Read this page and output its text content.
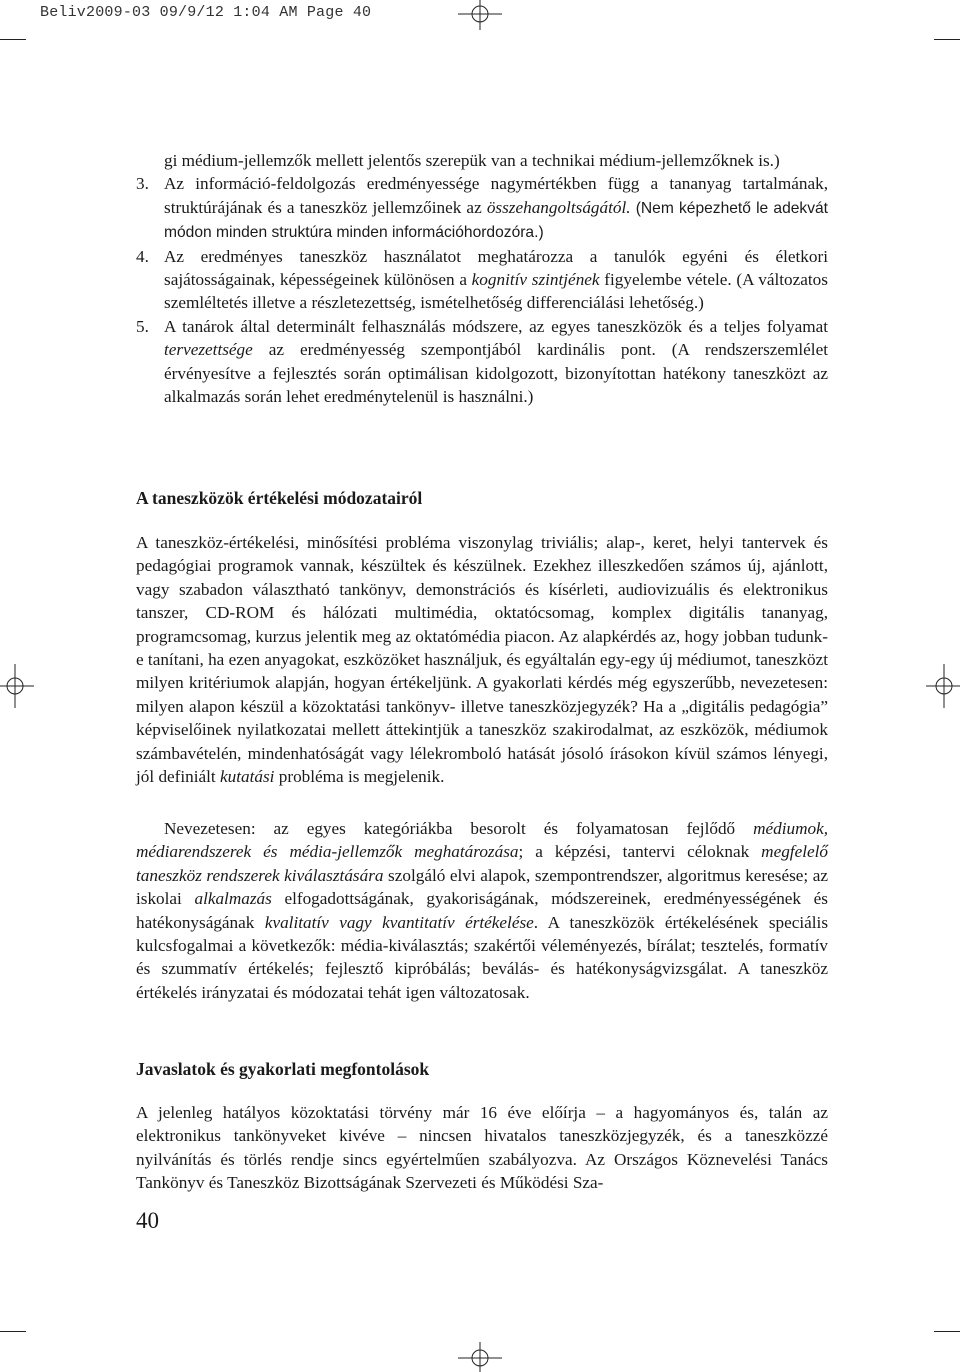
Beliv2009-03 09/9/12 1:04 AM Page 40
gi médium-jellemzők mellett jelentős szerepük van a technikai médium-jellemzőknek is.)
3. Az információ-feldolgozás eredményessége nagymértékben függ a tananyag tartalmának, struktúrájának és a taneszköz jellemzőinek az összehangoltságától. (Nem képezhető le adekvát módon minden struktúra minden információhordozóra.)
4. Az eredményes taneszköz használatot meghatározza a tanulók egyéni és életkori sajátosságainak, képességeinek különösen a kognitív szintjének figyelembe vétele. (A változatos szemléltetés illetve a részletezettség, ismételhetőség differenciálási lehetőség.)
5. A tanárok által determinált felhasználás módszere, az egyes taneszközök és a teljes folyamat tervezettsége az eredményesség szempontjából kardinális pont. (A rendszerszemlélet érvényesítve a fejlesztés során optimálisan kidolgozott, bizonyítottan hatékony taneszközt az alkalmazás során lehet eredménytelenül is használni.)
A taneszközök értékelési módozatairól

A taneszköz-értékelési, minősítési probléma viszonylag triviális; alap-, keret, helyi tantervek és pedagógiai programok vannak, készültek és készülnek. Ezekhez illeszkedően számos új, ajánlott, vagy szabadon választható tankönyv, demonstrációs és kísérleti, audiovizuális és elektronikus tanszer, CD-ROM és hálózati multimédia, oktatócsomag, komplex digitális tananyag, programcsomag, kurzus jelentik meg az oktatómédia piacon. Az alapkérdés az, hogy jobban tudunk-e tanítani, ha ezen anyagokat, eszközöket használjuk, és egyáltalán egy-egy új médiumot, taneszközt milyen kritériumok alapján, hogyan értékeljünk. A gyakorlati kérdés még egyszerűbb, nevezetesen: milyen alapon készül a közoktatási tankönyv- illetve taneszközjegyzék? Ha a „digitális pedagógia” képviselőinek nyilatkozatai mellett áttekintjük a taneszköz szakirodalmat, az eszközök, médiumok számbavételén, mindenhatóságát vagy lélekromboló hatását jósoló írásokon kívül számos lényegi, jól definiált kutatási probléma is megjelenik.

Nevezetesen: az egyes kategóriákba besorolt és folyamatosan fejlődő médiumok, médiarendszerek és média-jellemzők meghatározása; a képzési, tantervi céloknak megfelelő taneszköz rendszerek kiválasztására szolgáló elvi alapok, szempontrendszer, algoritmus keresése; az iskolai alkalmazás elfogadottságának, gyakoriságának, módszereinek, eredményességének és hatékonyságának kvalitatív vagy kvantitatív értékelése. A taneszközök értékelésének speciális kulcsfogalmai a következők: média-kiválasztás; szakértői véleményezés, bírálat; tesztelés, formatív és szummatív értékelés; fejlesztő kipróbálás; beválás- és hatékonyságvizsgálat. A taneszköz értékelés irányzatai és módozatai tehát igen változatosak.

Javaslatok és gyakorlati megfontolások

A jelenleg hatályos közoktatási törvény már 16 éve előírja – a hagyományos és, talán az elektronikus tankönyveket kivéve – nincsen hivatalos taneszközjegyzék, és a taneszközzé nyilvánítás és törlés rendje sincs egyértelműen szabályozva. Az Országos Köznevelési Tanács Tankönyv és Taneszköz Bizottságának Szervezeti és Működési Sza-

40
